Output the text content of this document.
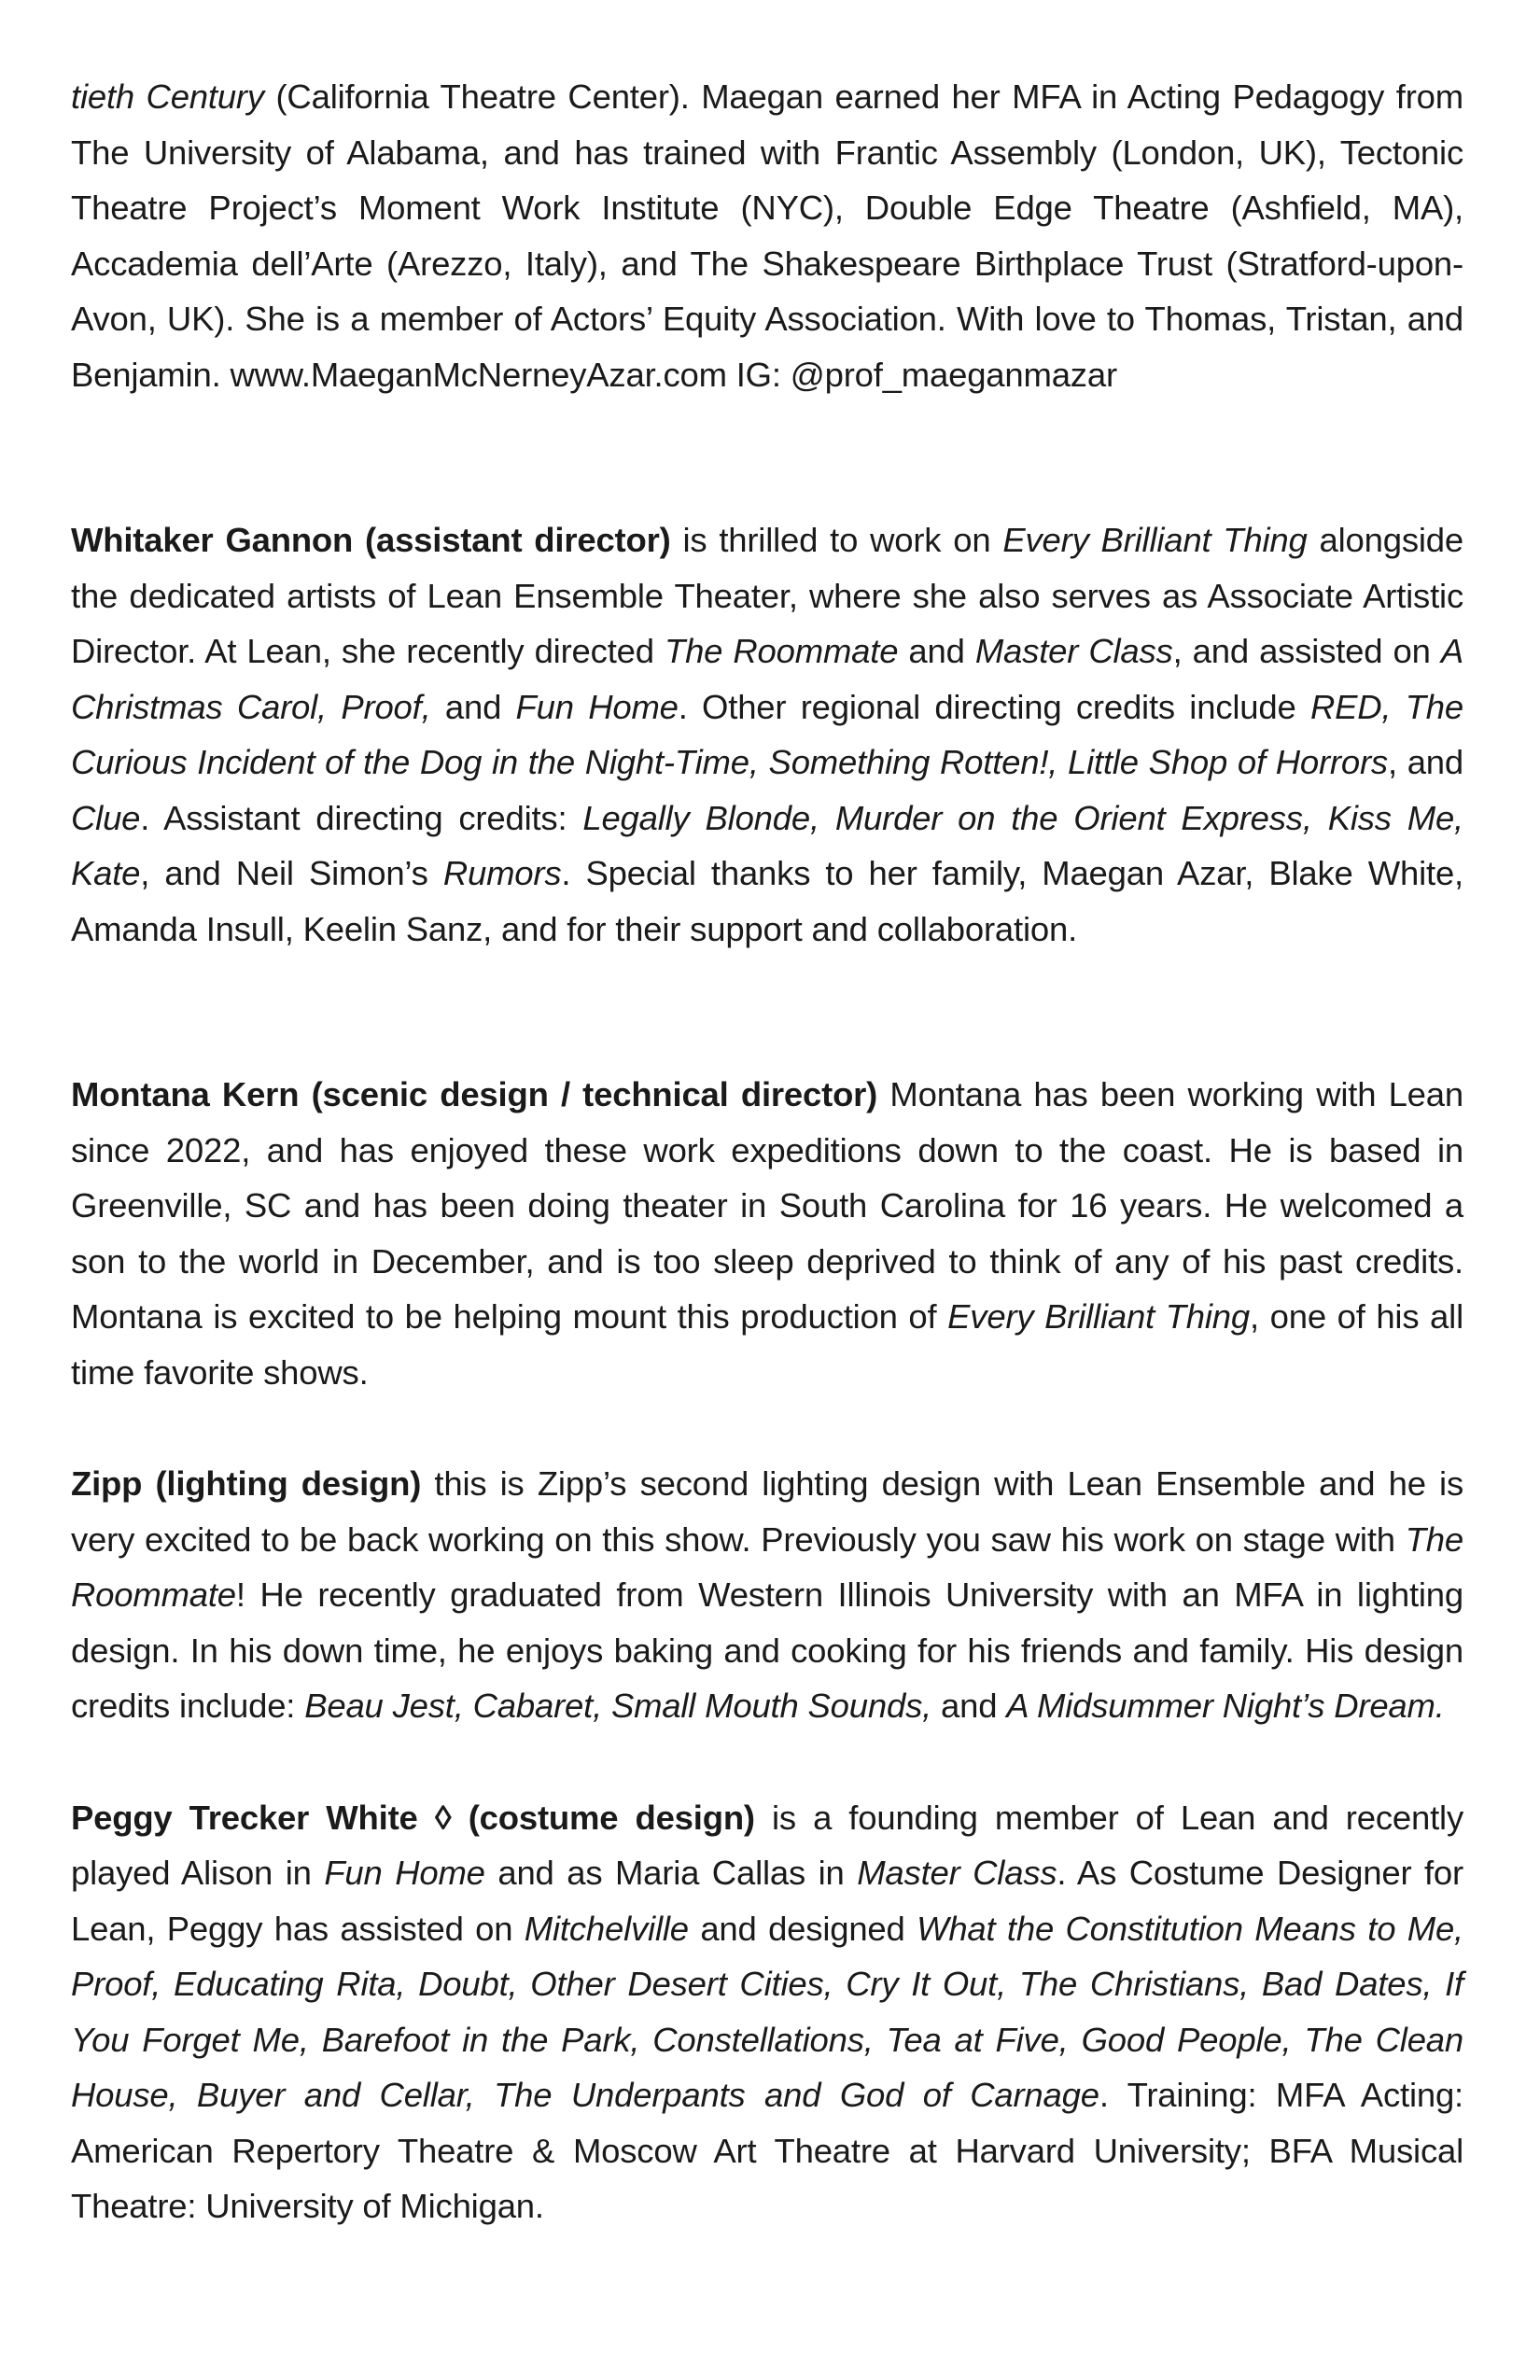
tieth Century (California Theatre Center). Maegan earned her MFA in Acting Pedagogy from The University of Alabama, and has trained with Frantic Assembly (London, UK), Tectonic Theatre Project’s Moment Work Institute (NYC), Double Edge Theatre (Ashfield, MA), Accademia dell’Arte (Arezzo, Italy), and The Shakespeare Birthplace Trust (Stratford-upon-Avon, UK). She is a member of Actors’ Equity Association. With love to Thomas, Tristan, and Benjamin. www.MaeganMcNerneyAzar.com IG: @prof_maeganmazar

Whitaker Gannon (assistant director) is thrilled to work on Every Brilliant Thing alongside the dedicated artists of Lean Ensemble Theater, where she also serves as Associate Artistic Director. At Lean, she recently directed The Roommate and Master Class, and assisted on A Christmas Carol, Proof, and Fun Home. Other regional directing credits include RED, The Curious Incident of the Dog in the Night-Time, Something Rotten!, Little Shop of Horrors, and Clue. Assistant directing credits: Legally Blonde, Murder on the Orient Express, Kiss Me, Kate, and Neil Simon’s Rumors. Special thanks to her family, Maegan Azar, Blake White, Amanda Insull, Keelin Sanz, and for their support and collaboration.

Montana Kern (scenic design / technical director) Montana has been working with Lean since 2022, and has enjoyed these work expeditions down to the coast. He is based in Greenville, SC and has been doing theater in South Carolina for 16 years. He welcomed a son to the world in December, and is too sleep deprived to think of any of his past credits. Montana is excited to be helping mount this production of Every Brilliant Thing, one of his all time favorite shows.

Zipp (lighting design) this is Zipp’s second lighting design with Lean Ensemble and he is very excited to be back working on this show. Previously you saw his work on stage with The Roommate! He recently graduated from Western Illinois University with an MFA in lighting design. In his down time, he enjoys baking and cooking for his friends and family. His design credits include: Beau Jest, Cabaret, Small Mouth Sounds, and A Midsummer Night’s Dream.

Peggy Trecker White ◊ (costume design) is a founding member of Lean and recently played Alison in Fun Home and as Maria Callas in Master Class. As Costume Designer for Lean, Peggy has assisted on Mitchelville and designed What the Constitution Means to Me, Proof, Educating Rita, Doubt, Other Desert Cities, Cry It Out, The Christians, Bad Dates, If You Forget Me, Barefoot in the Park, Constellations, Tea at Five, Good People, The Clean House, Buyer and Cellar, The Underpants and God of Carnage. Training: MFA Acting: American Repertory Theatre & Moscow Art Theatre at Harvard University; BFA Musical Theatre: University of Michigan.
